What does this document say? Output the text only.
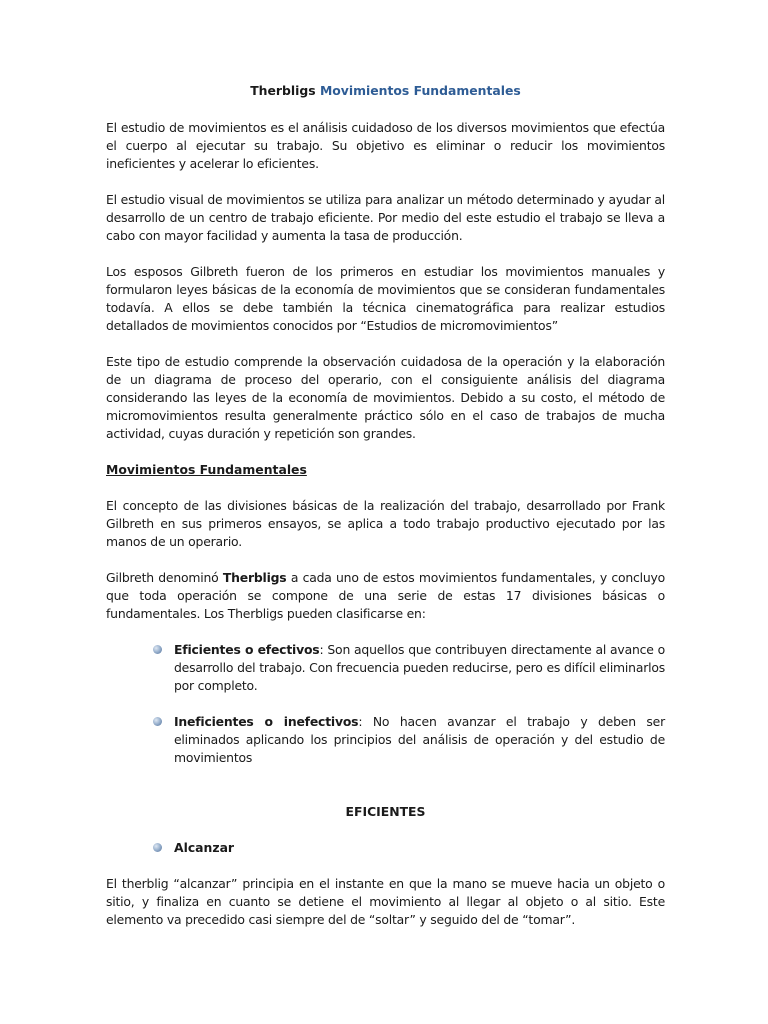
Therbligs Movimientos Fundamentales

El estudio de movimientos es el análisis cuidadoso de los diversos movimientos que efectúa el cuerpo al ejecutar su trabajo. Su objetivo es eliminar o reducir los movimientos ineficientes y acelerar lo eficientes.

El estudio visual de movimientos se utiliza para analizar un método determinado y ayudar al desarrollo de un centro de trabajo eficiente. Por medio del este estudio el trabajo se lleva a cabo con mayor facilidad y aumenta la tasa de producción.

Los esposos Gilbreth fueron de los primeros en estudiar los movimientos manuales y formularon leyes básicas de la economía de movimientos que se consideran fundamentales todavía. A ellos se debe también la técnica cinematográfica para realizar estudios detallados de movimientos conocidos por “Estudios de micromovimientos”

Este tipo de estudio comprende la observación cuidadosa de la operación y la elaboración de un diagrama de proceso del operario, con el consiguiente análisis del diagrama considerando las leyes de la economía de movimientos. Debido a su costo, el método de micromovimientos resulta generalmente práctico sólo en el caso de trabajos de mucha actividad, cuyas duración y repetición son grandes.

Movimientos Fundamentales

El concepto de las divisiones básicas de la realización del trabajo, desarrollado por Frank Gilbreth en sus primeros ensayos, se aplica a todo trabajo productivo ejecutado por las manos de un operario.

Gilbreth denominó Therbligs a cada uno de estos movimientos fundamentales, y concluyo que toda operación se compone de una serie de estas 17 divisiones básicas o fundamentales. Los Therbligs pueden clasificarse en:

Eficientes o efectivos: Son aquellos que contribuyen directamente al avance o desarrollo del trabajo. Con frecuencia pueden reducirse, pero es difícil eliminarlos por completo.
Ineficientes o inefectivos: No hacen avanzar el trabajo y deben ser eliminados aplicando los principios del análisis de operación y del estudio de movimientos
EFICIENTES
Alcanzar

El therblig “alcanzar” principia en el instante en que la mano se mueve hacia un objeto o sitio, y finaliza en cuanto se detiene el movimiento al llegar al objeto o al sitio. Este elemento va precedido casi siempre del de “soltar” y seguido del de “tomar”.
